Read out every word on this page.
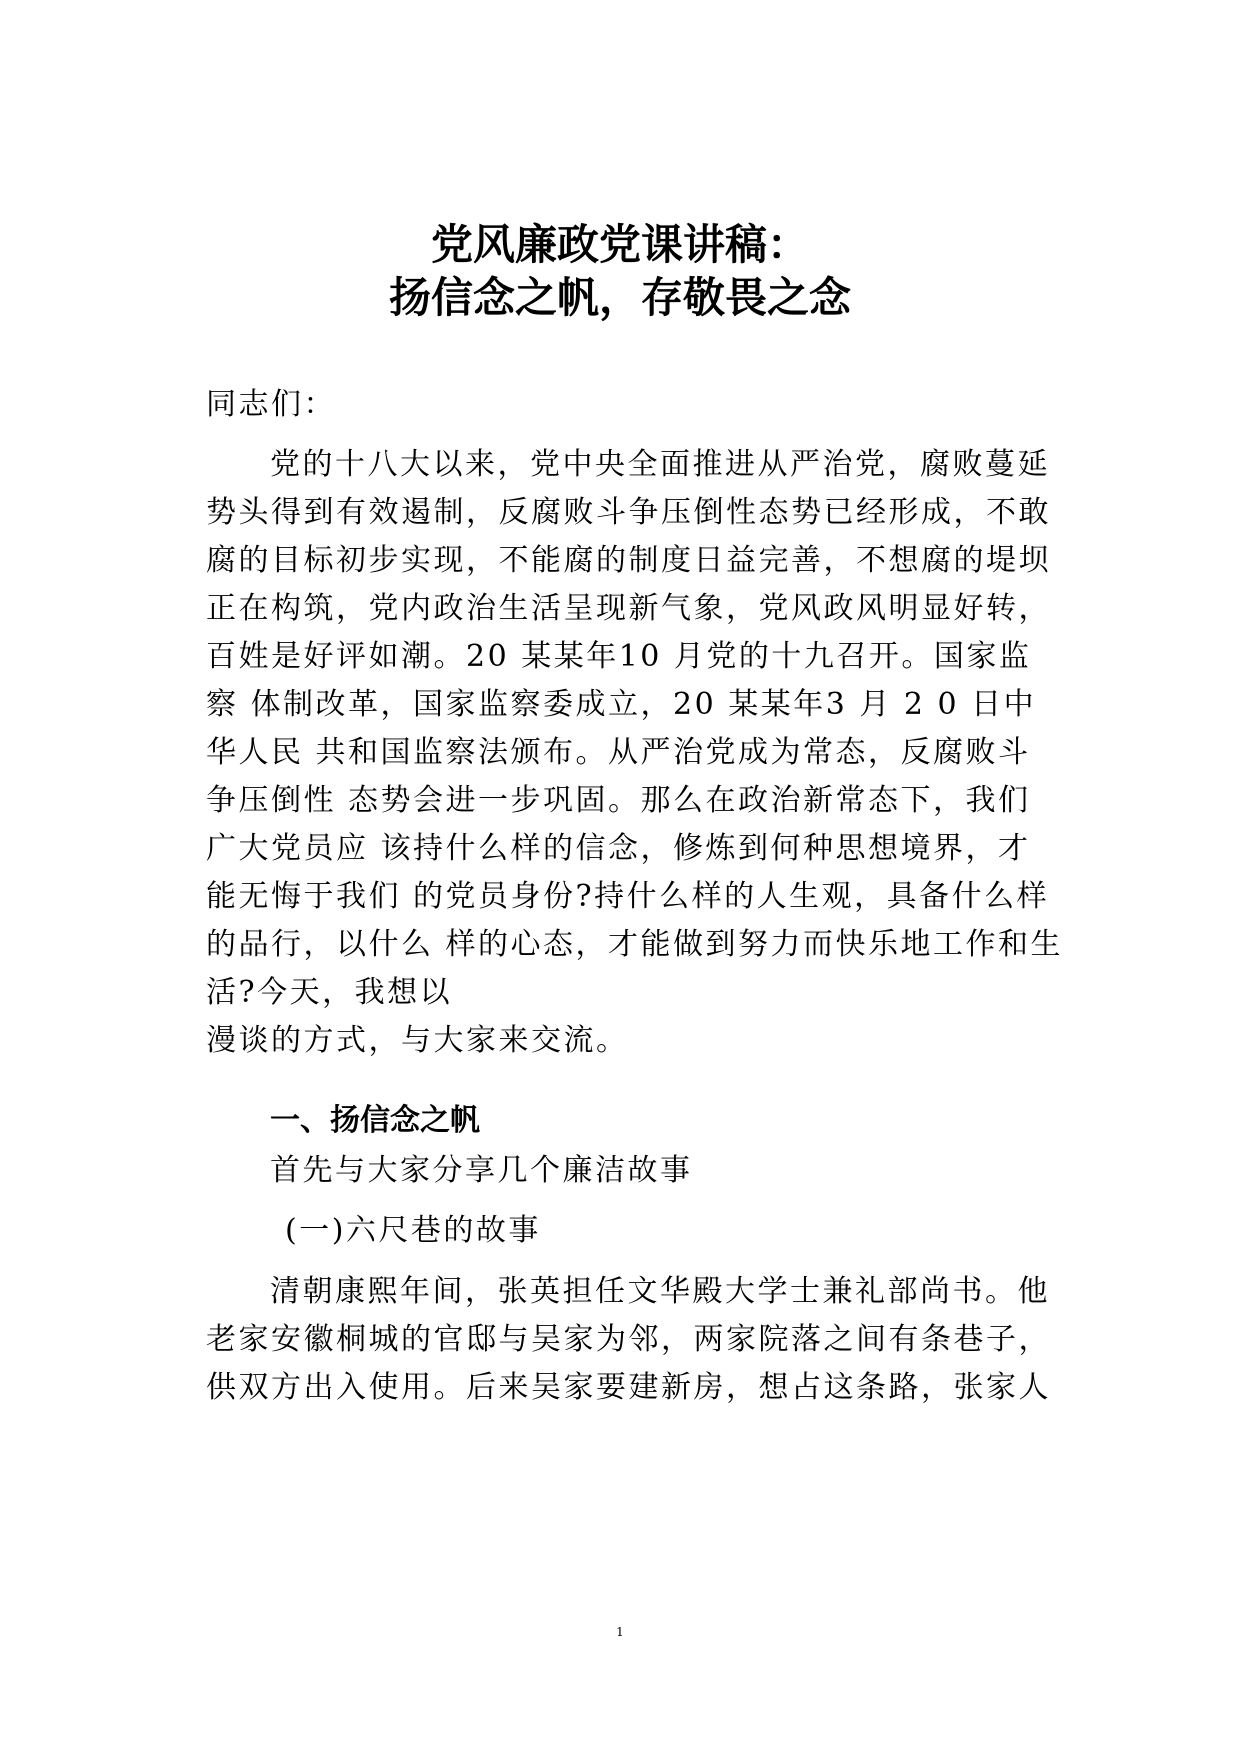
党风廉政党课讲稿：
扬信念之帆，存敬畏之念

同志们：

党的十八大以来，党中央全面推进从严治党，腐败蔓延

势头得到有效遏制，反腐败斗争压倒性态势已经形成，不敢

腐的目标初步实现，不能腐的制度日益完善，不想腐的堤坝

正在构筑，党内政治生活呈现新气象，党风政风明显好转，

百姓是好评如潮。20 某某年10 月党的十九召开。国家监

察 体制改革，国家监察委成立，20 某某年3 月 2 0 日中

华人民 共和国监察法颁布。从严治党成为常态，反腐败斗

争压倒性 态势会进一步巩固。那么在政治新常态下，我们

广大党员应 该持什么样的信念，修炼到何种思想境界，才

能无悔于我们 的党员身份?持什么样的人生观，具备什么样

的品行，以什么 样的心态，才能做到努力而快乐地工作和生

活?今天，我想以

漫谈的方式，与大家来交流。

一、扬信念之帆

首先与大家分享几个廉洁故事

(一)六尺巷的故事

清朝康熙年间，张英担任文华殿大学士兼礼部尚书。他

老家安徽桐城的官邸与吴家为邻，两家院落之间有条巷子，

供双方出入使用。后来吴家要建新房，想占这条路，张家人

1
